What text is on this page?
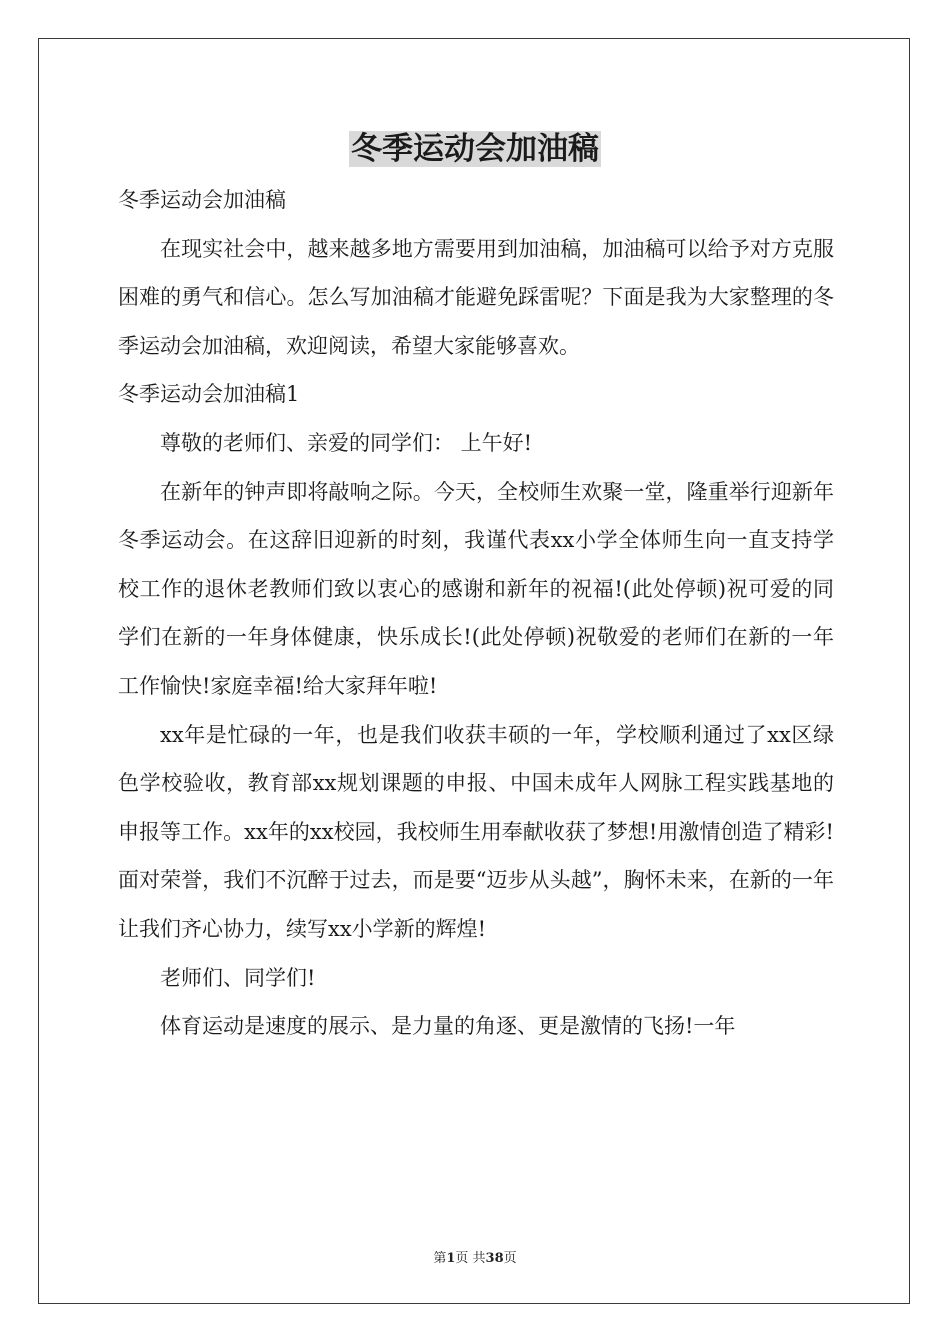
冬季运动会加油稿

冬季运动会加油稿

在现实社会中，越来越多地方需要用到加油稿，加油稿可以给予对方克服困难的勇气和信心。怎么写加油稿才能避免踩雷呢？下面是我为大家整理的冬季运动会加油稿，欢迎阅读，希望大家能够喜欢。

冬季运动会加油稿1

尊敬的老师们、亲爱的同学们： 上午好!

在新年的钟声即将敲响之际。今天，全校师生欢聚一堂，隆重举行迎新年冬季运动会。在这辞旧迎新的时刻，我谨代表xx小学全体师生向一直支持学校工作的退休老教师们致以衷心的感谢和新年的祝福!(此处停顿)祝可爱的同学们在新的一年身体健康，快乐成长!(此处停顿)祝敬爱的老师们在新的一年工作愉快!家庭幸福!给大家拜年啦!

xx年是忙碌的一年，也是我们收获丰硕的一年，学校顺利通过了xx区绿色学校验收，教育部xx规划课题的申报、中国未成年人网脉工程实践基地的申报等工作。xx年的xx校园，我校师生用奉献收获了梦想!用激情创造了精彩!面对荣誉，我们不沉醉于过去，而是要“迈步从头越”，胸怀未来，在新的一年让我们齐心协力，续写xx小学新的辉煌!

老师们、同学们!

体育运动是速度的展示、是力量的角逐、更是激情的飞扬!一年

第1页 共38页
